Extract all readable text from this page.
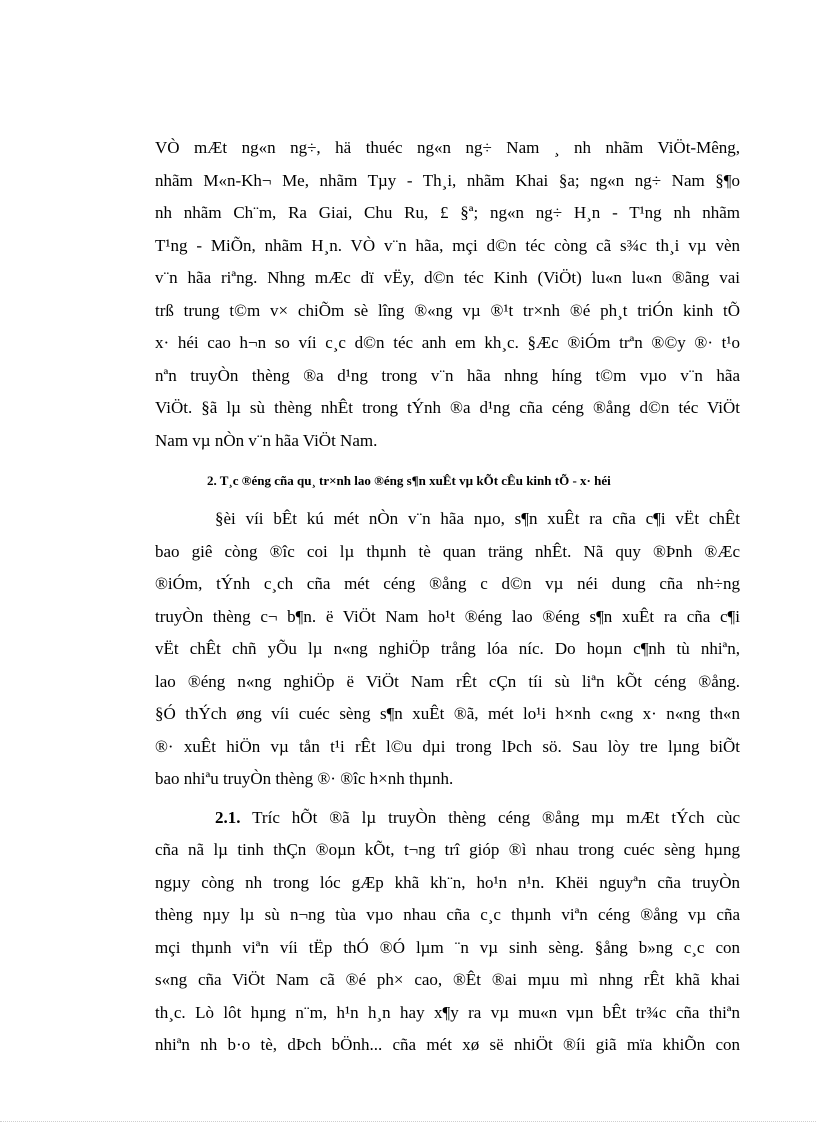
VÒ mÆt ng«n ng÷, hä thuéc ng«n ng÷ Nam ¸ nh nhãm ViÖt-Mêng,
nhãm M«n-Kh¬ Me, nhãm Tµy - Th¸i, nhãm Khai §a; ng«n ng÷ Nam §¶o
nh nhãm Ch¨m, Ra Giai, Chu Ru, £ §ª; ng«n ng÷ H¸n - T¹ng nh nhãm
T¹ng - MiÕn, nhãm H¸n. VÒ v¨n hãa, mçi d©n téc còng cã s¾c th¸i vµ vèn
v¨n hãa riªng. Nhng mÆc dï vËy, d©n téc Kinh (ViÖt) lu«n lu«n ®ãng vai
trß trung t©m v× chiÕm sè lîng ®«ng vµ ®¹t tr×nh ®é ph¸t triÓn kinh tÕ
x· héi cao h¬n so víi c¸c d©n téc anh em kh¸c. §Æc ®iÓm trªn ®©y ®· t¹o
nªn truyÒn thèng ®a d¹ng trong v¨n hãa nhng híng t©m vµo v¨n hãa
ViÖt. §ã lµ sù thèng nhÊt trong tÝnh ®a d¹ng cña céng ®ång d©n téc ViÖt
Nam vµ nÒn v¨n hãa ViÖt Nam.

2. T¸c ®éng cña qu¸ tr×nh lao ®éng s¶n xuÊt vµ kÕt cÊu kinh tÕ - x· héi

§èi víi bÊt kú mét nÒn v¨n hãa nµo, s¶n xuÊt ra cña c¶i vËt chÊt
bao giê còng ®îc coi lµ thµnh tè quan träng nhÊt. Nã quy ®Þnh ®Æc
®iÓm, tÝnh c¸ch cña mét céng ®ång c d©n vµ néi dung cña nh÷ng
truyÒn thèng c¬ b¶n. ë ViÖt Nam ho¹t ®éng lao ®éng s¶n xuÊt ra cña c¶i
vËt chÊt chñ yÕu lµ n«ng nghiÖp trång lóa níc. Do hoµn c¶nh tù nhiªn,
lao ®éng n«ng nghiÖp ë ViÖt Nam rÊt cÇn tíi sù liªn kÕt céng ®ång.
§Ó thÝch øng víi cuéc sèng s¶n xuÊt ®ã, mét lo¹i h×nh c«ng x· n«ng th«n
®· xuÊt hiÖn vµ tån t¹i rÊt l©u dµi trong lÞch sö. Sau lòy tre lµng biÕt
bao nhiªu truyÒn thèng ®· ®îc h×nh thµnh.

2.1. Tríc hÕt ®ã lµ truyÒn thèng céng ®ång mµ mÆt tÝch cùc
cña nã lµ tinh thÇn ®oµn kÕt, t¬ng trî gióp ®ì nhau trong cuéc sèng hµng
ngµy còng nh trong lóc gÆp khã kh¨n, ho¹n n¹n. Khëi nguyªn cña truyÒn
thèng nµy lµ sù n¬ng tùa vµo nhau cña c¸c thµnh viªn céng ®ång vµ cña
mçi thµnh viªn víi tËp thÓ ®Ó lµm ¨n vµ sinh sèng. §ång b»ng c¸c con
s«ng cña ViÖt Nam cã ®é ph× cao, ®Êt ®ai mµu mì nhng rÊt khã khai
th¸c. Lò lôt hµng n¨m, h¹n h¸n hay x¶y ra vµ mu«n vµn bÊt tr¾c cña thiªn
nhiªn nh b·o tè, dÞch bÖnh... cña mét xø së nhiÖt ®íi giã mïa khiÕn con
